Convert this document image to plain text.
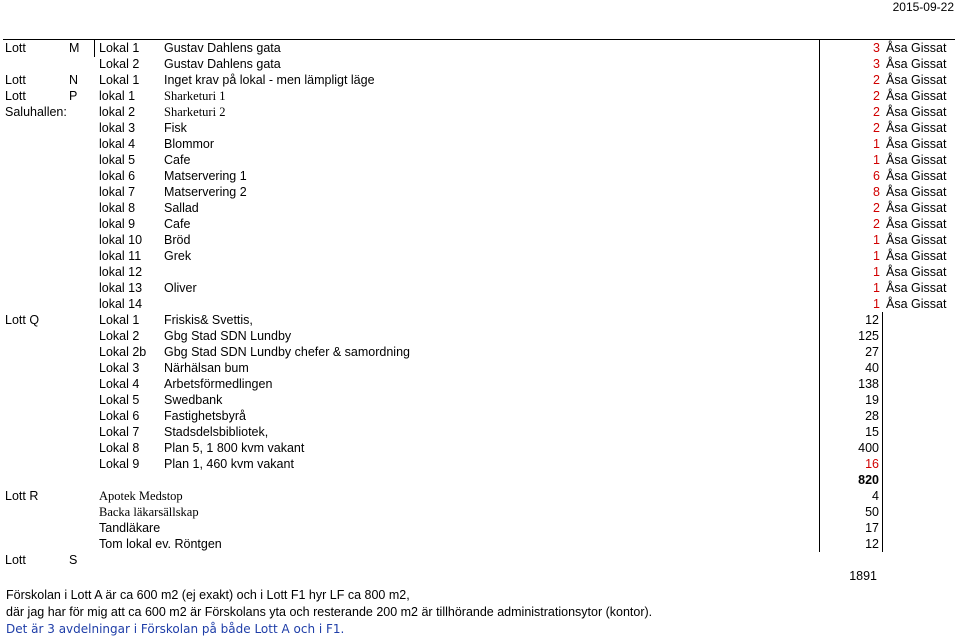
2015-09-22
Lott	M Lokal 1 Gustav Dahlens gata	3 Åsa Gissat
Lokal 2 Gustav Dahlens gata	3 Åsa Gissat
Lott	N Lokal 1 Inget krav på lokal - men lämpligt läge	2 Åsa Gissat
Lott	P lokal 1 Sharketuri 1	2 Åsa Gissat
Saluhallen:	lokal 2 Sharketuri 2	2 Åsa Gissat
lokal 3 Fisk	2 Åsa Gissat
lokal 4 Blommor	1 Åsa Gissat
lokal 5 Cafe	1 Åsa Gissat
lokal 6 Matservering 1	6 Åsa Gissat
lokal 7 Matservering 2	8 Åsa Gissat
lokal 8 Sallad	2 Åsa Gissat
lokal 9 Cafe	2 Åsa Gissat
lokal 10 Bröd	1 Åsa Gissat
lokal 11 Grek	1 Åsa Gissat
lokal 12	1 Åsa Gissat
lokal 13 Oliver	1 Åsa Gissat
lokal 14	1 Åsa Gissat
Lott Q	Lokal 1 Friskis& Svettis,	12
Lokal 2 Gbg Stad SDN Lundby	125
Lokal 2b Gbg Stad SDN Lundby chefer & samordning	27
Lokal 3 Närhälsan bum	40
Lokal 4 Arbetsförmedlingen	138
Lokal 5 Swedbank	19
Lokal 6 Fastighetsbyrå	28
Lokal 7 Stadsdelsbibliotek,	15
Lokal 8 Plan 5, 1 800 kvm vakant	400
Lokal 9 Plan 1, 460 kvm vakant	16
820
Lott R	Apotek Medstop	4
Backa läkarsällskap	50
Tandläkare	17
Tom lokal ev. Röntgen	12
Lott	S
1891
Förskolan i Lott A är ca 600 m2 (ej exakt) och i Lott F1 hyr LF ca 800 m2,
där jag har för mig att ca 600 m2 är Förskolans yta och resterande 200 m2 är tillhörande administrationsytor (kontor).
Det är 3 avdelningar i Förskolan på både Lott A och i F1.
